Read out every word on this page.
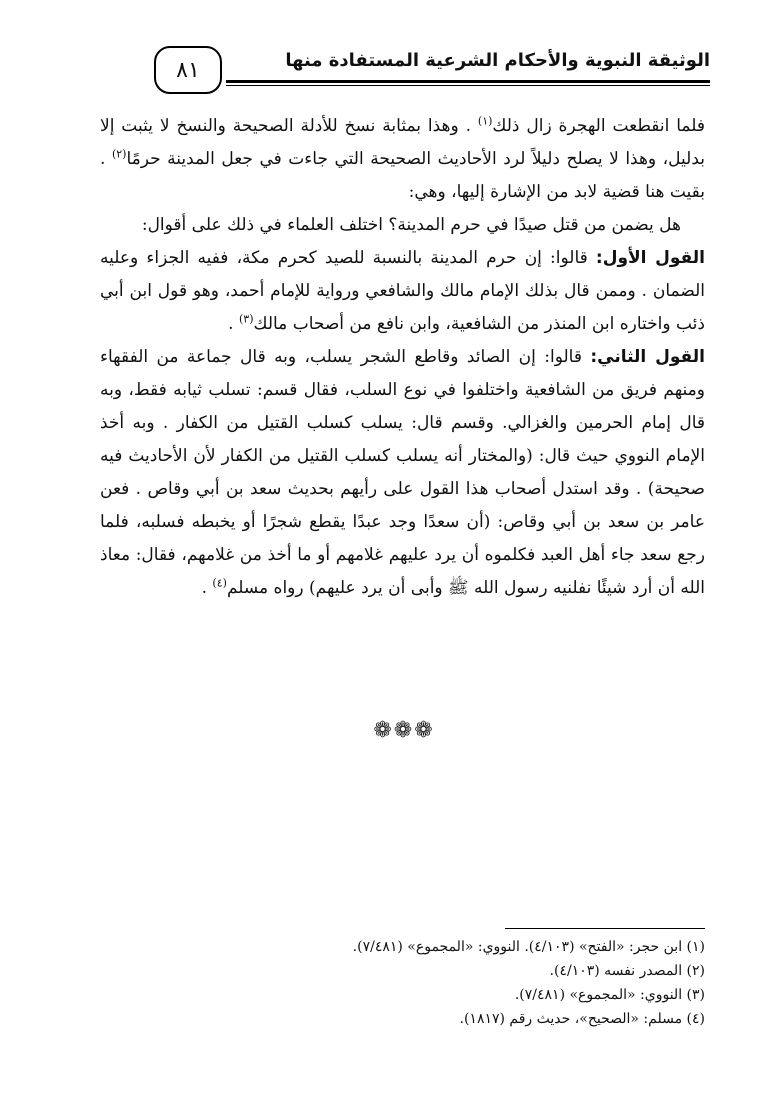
الوثيقة النبوية والأحكام الشرعية المستفادة منها
٨١

فلما انقطعت الهجرة زال ذلك$^{(١)}$ . وهذا بمثابة نسخ للأدلة الصحيحة والنسخ لا يثبت إلا بدليل، وهذا لا يصلح دليلاً لرد الأحاديث الصحيحة التي جاءت في جعل المدينة حرمًا$^{(٢)}$ . بقيت هنا قضية لابد من الإشارة إليها، وهي:

هل يضمن من قتل صيدًا في حرم المدينة؟ اختلف العلماء في ذلك على أقوال:

القول الأول: قالوا: إن حرم المدينة بالنسبة للصيد كحرم مكة، ففيه الجزاء وعليه الضمان . وممن قال بذلك الإمام مالك والشافعي ورواية للإمام أحمد، وهو قول ابن أبي ذئب واختاره ابن المنذر من الشافعية، وابن نافع من أصحاب مالك$^{(٣)}$ .

القول الثاني: قالوا: إن الصائد وقاطع الشجر يسلب، وبه قال جماعة من الفقهاء ومنهم فريق من الشافعية واختلفوا في نوع السلب، فقال قسم: تسلب ثيابه فقط، وبه قال إمام الحرمين والغزالي. وقسم قال: يسلب كسلب القتيل من الكفار . وبه أخذ الإمام النووي حيث قال: (والمختار أنه يسلب كسلب القتيل من الكفار لأن الأحاديث فيه صحيحة) . وقد استدل أصحاب هذا القول على رأيهم بحديث سعد بن أبي وقاص . فعن عامر بن سعد بن أبي وقاص: (أن سعدًا وجد عبدًا يقطع شجرًا أو يخبطه فسلبه، فلما رجع سعد جاء أهل العبد فكلموه أن يرد عليهم غلامهم أو ما أخذ من غلامهم، فقال: معاذ الله أن أرد شيئًا نفلنيه رسول الله ﷺ وأبى أن يرد عليهم) رواه مسلم$^{(٤)}$ .

❁❁❁
(١) ابن حجر: «الفتح» (٤/١٠٣). النووي: «المجموع» (٧/٤٨١).
(٢) المصدر نفسه (٤/١٠٣).
(٣) النووي: «المجموع» (٧/٤٨١).
(٤) مسلم: «الصحيح»، حديث رقم (١٨١٧).
